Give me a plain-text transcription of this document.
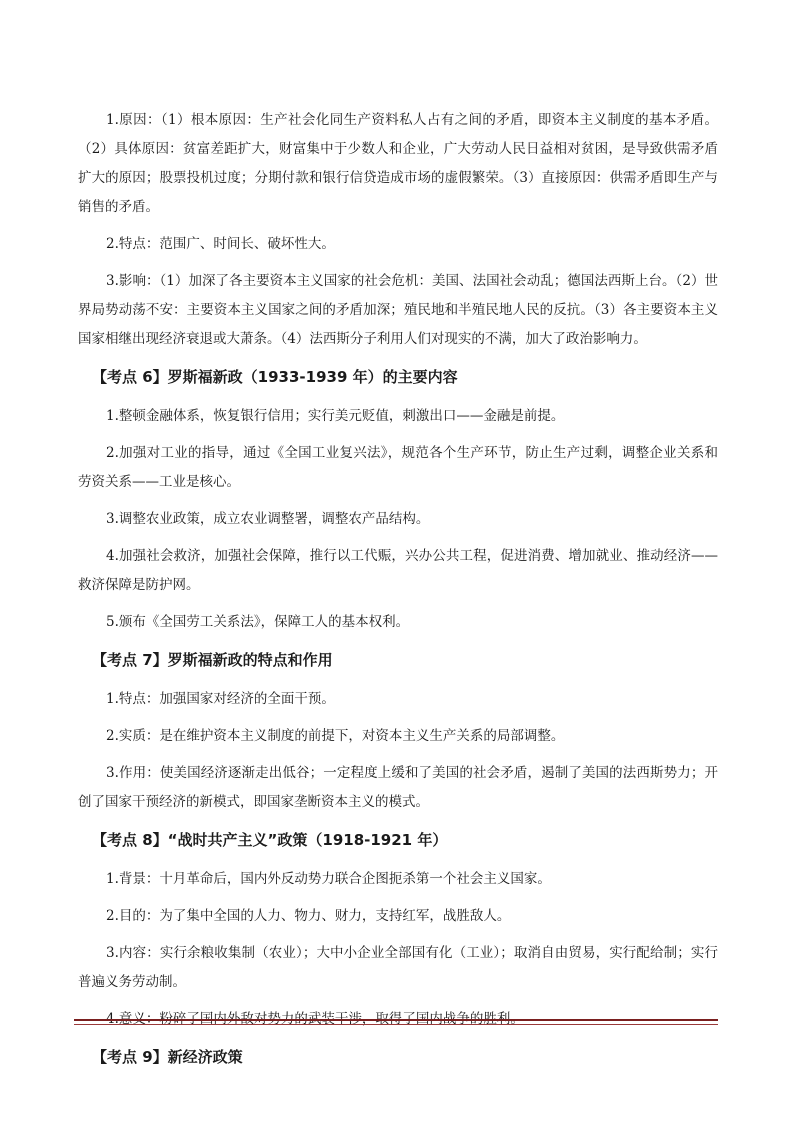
1.原因：（1）根本原因：生产社会化同生产资料私人占有之间的矛盾，即资本主义制度的基本矛盾。（2）具体原因：贫富差距扩大，财富集中于少数人和企业，广大劳动人民日益相对贫困，是导致供需矛盾扩大的原因；股票投机过度；分期付款和银行信贷造成市场的虚假繁荣。（3）直接原因：供需矛盾即生产与销售的矛盾。

2.特点：范围广、时间长、破坏性大。

3.影响：（1）加深了各主要资本主义国家的社会危机：美国、法国社会动乱；德国法西斯上台。（2）世界局势动荡不安：主要资本主义国家之间的矛盾加深；殖民地和半殖民地人民的反抗。（3）各主要资本主义国家相继出现经济衰退或大萧条。（4）法西斯分子利用人们对现实的不满，加大了政治影响力。

【考点 6】罗斯福新政（1933-1939 年）的主要内容

1.整顿金融体系，恢复银行信用；实行美元贬值，刺激出口——金融是前提。

2.加强对工业的指导，通过《全国工业复兴法》，规范各个生产环节，防止生产过剩，调整企业关系和劳资关系——工业是核心。

3.调整农业政策，成立农业调整署，调整农产品结构。

4.加强社会救济，加强社会保障，推行以工代赈，兴办公共工程，促进消费、增加就业、推动经济——救济保障是防护网。

5.颁布《全国劳工关系法》，保障工人的基本权利。

【考点 7】罗斯福新政的特点和作用

1.特点：加强国家对经济的全面干预。

2.实质：是在维护资本主义制度的前提下，对资本主义生产关系的局部调整。

3.作用：使美国经济逐渐走出低谷；一定程度上缓和了美国的社会矛盾，遏制了美国的法西斯势力；开创了国家干预经济的新模式，即国家垄断资本主义的模式。

【考点 8】“战时共产主义”政策（1918-1921 年）

1.背景：十月革命后，国内外反动势力联合企图扼杀第一个社会主义国家。

2.目的：为了集中全国的人力、物力、财力，支持红军，战胜敌人。

3.内容：实行余粮收集制（农业）；大中小企业全部国有化（工业）；取消自由贸易，实行配给制；实行普遍义务劳动制。

4.意义：粉碎了国内外敌对势力的武装干涉，取得了国内战争的胜利。

【考点 9】新经济政策
